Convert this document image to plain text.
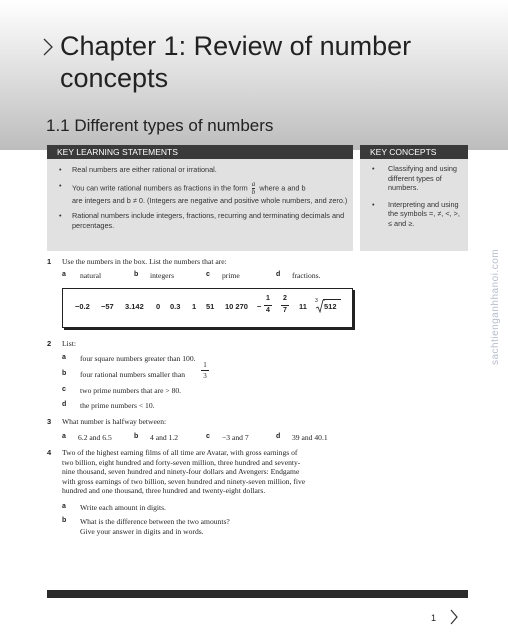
Chapter 1: Review of number concepts
1.1 Different types of numbers
KEY LEARNING STATEMENTS
• Real numbers are either rational or irrational.
• You can write rational numbers as fractions in the form $\frac{a}{b}$ where a and b
are integers and b ≠ 0. (Integers are negative and positive whole numbers, and zero.)
• Rational numbers include integers, fractions, recurring and terminating decimals and percentages.
KEY CONCEPTS
• Classifying and using different types of numbers.
• Interpreting and using the symbols =, ≠, <, >, ≤ and ≥.
1 Use the numbers in the box. List the numbers that are:
a natural	b integers	c prime	d fractions.
−0.2 −57 3.142 0 0.3 1 51 10 270 −
1
4
2
7 11
3
512
2 List:
a four square numbers greater than 100.
b four rational numbers smaller than
1
3
c two prime numbers that are > 80.
d the prime numbers < 10.
3 What number is halfway between:
a 6.2 and 6.5	b 4 and 1.2	c −3 and 7	d 39 and 40.1
4 Two of the highest earning films of all time are Avatar, with gross earnings of
two billion, eight hundred and forty-seven million, three hundred and seventy-
nine thousand, seven hundred and ninety-four dollars and Avengers: Endgame
with gross earnings of two billion, seven hundred and ninety-seven million, five
hundred and one thousand, three hundred and twenty-eight dollars.
a Write each amount in digits.
b What is the difference between the two amounts?
Give your answer in digits and in words.
sachtienganhhanoi.com
1
